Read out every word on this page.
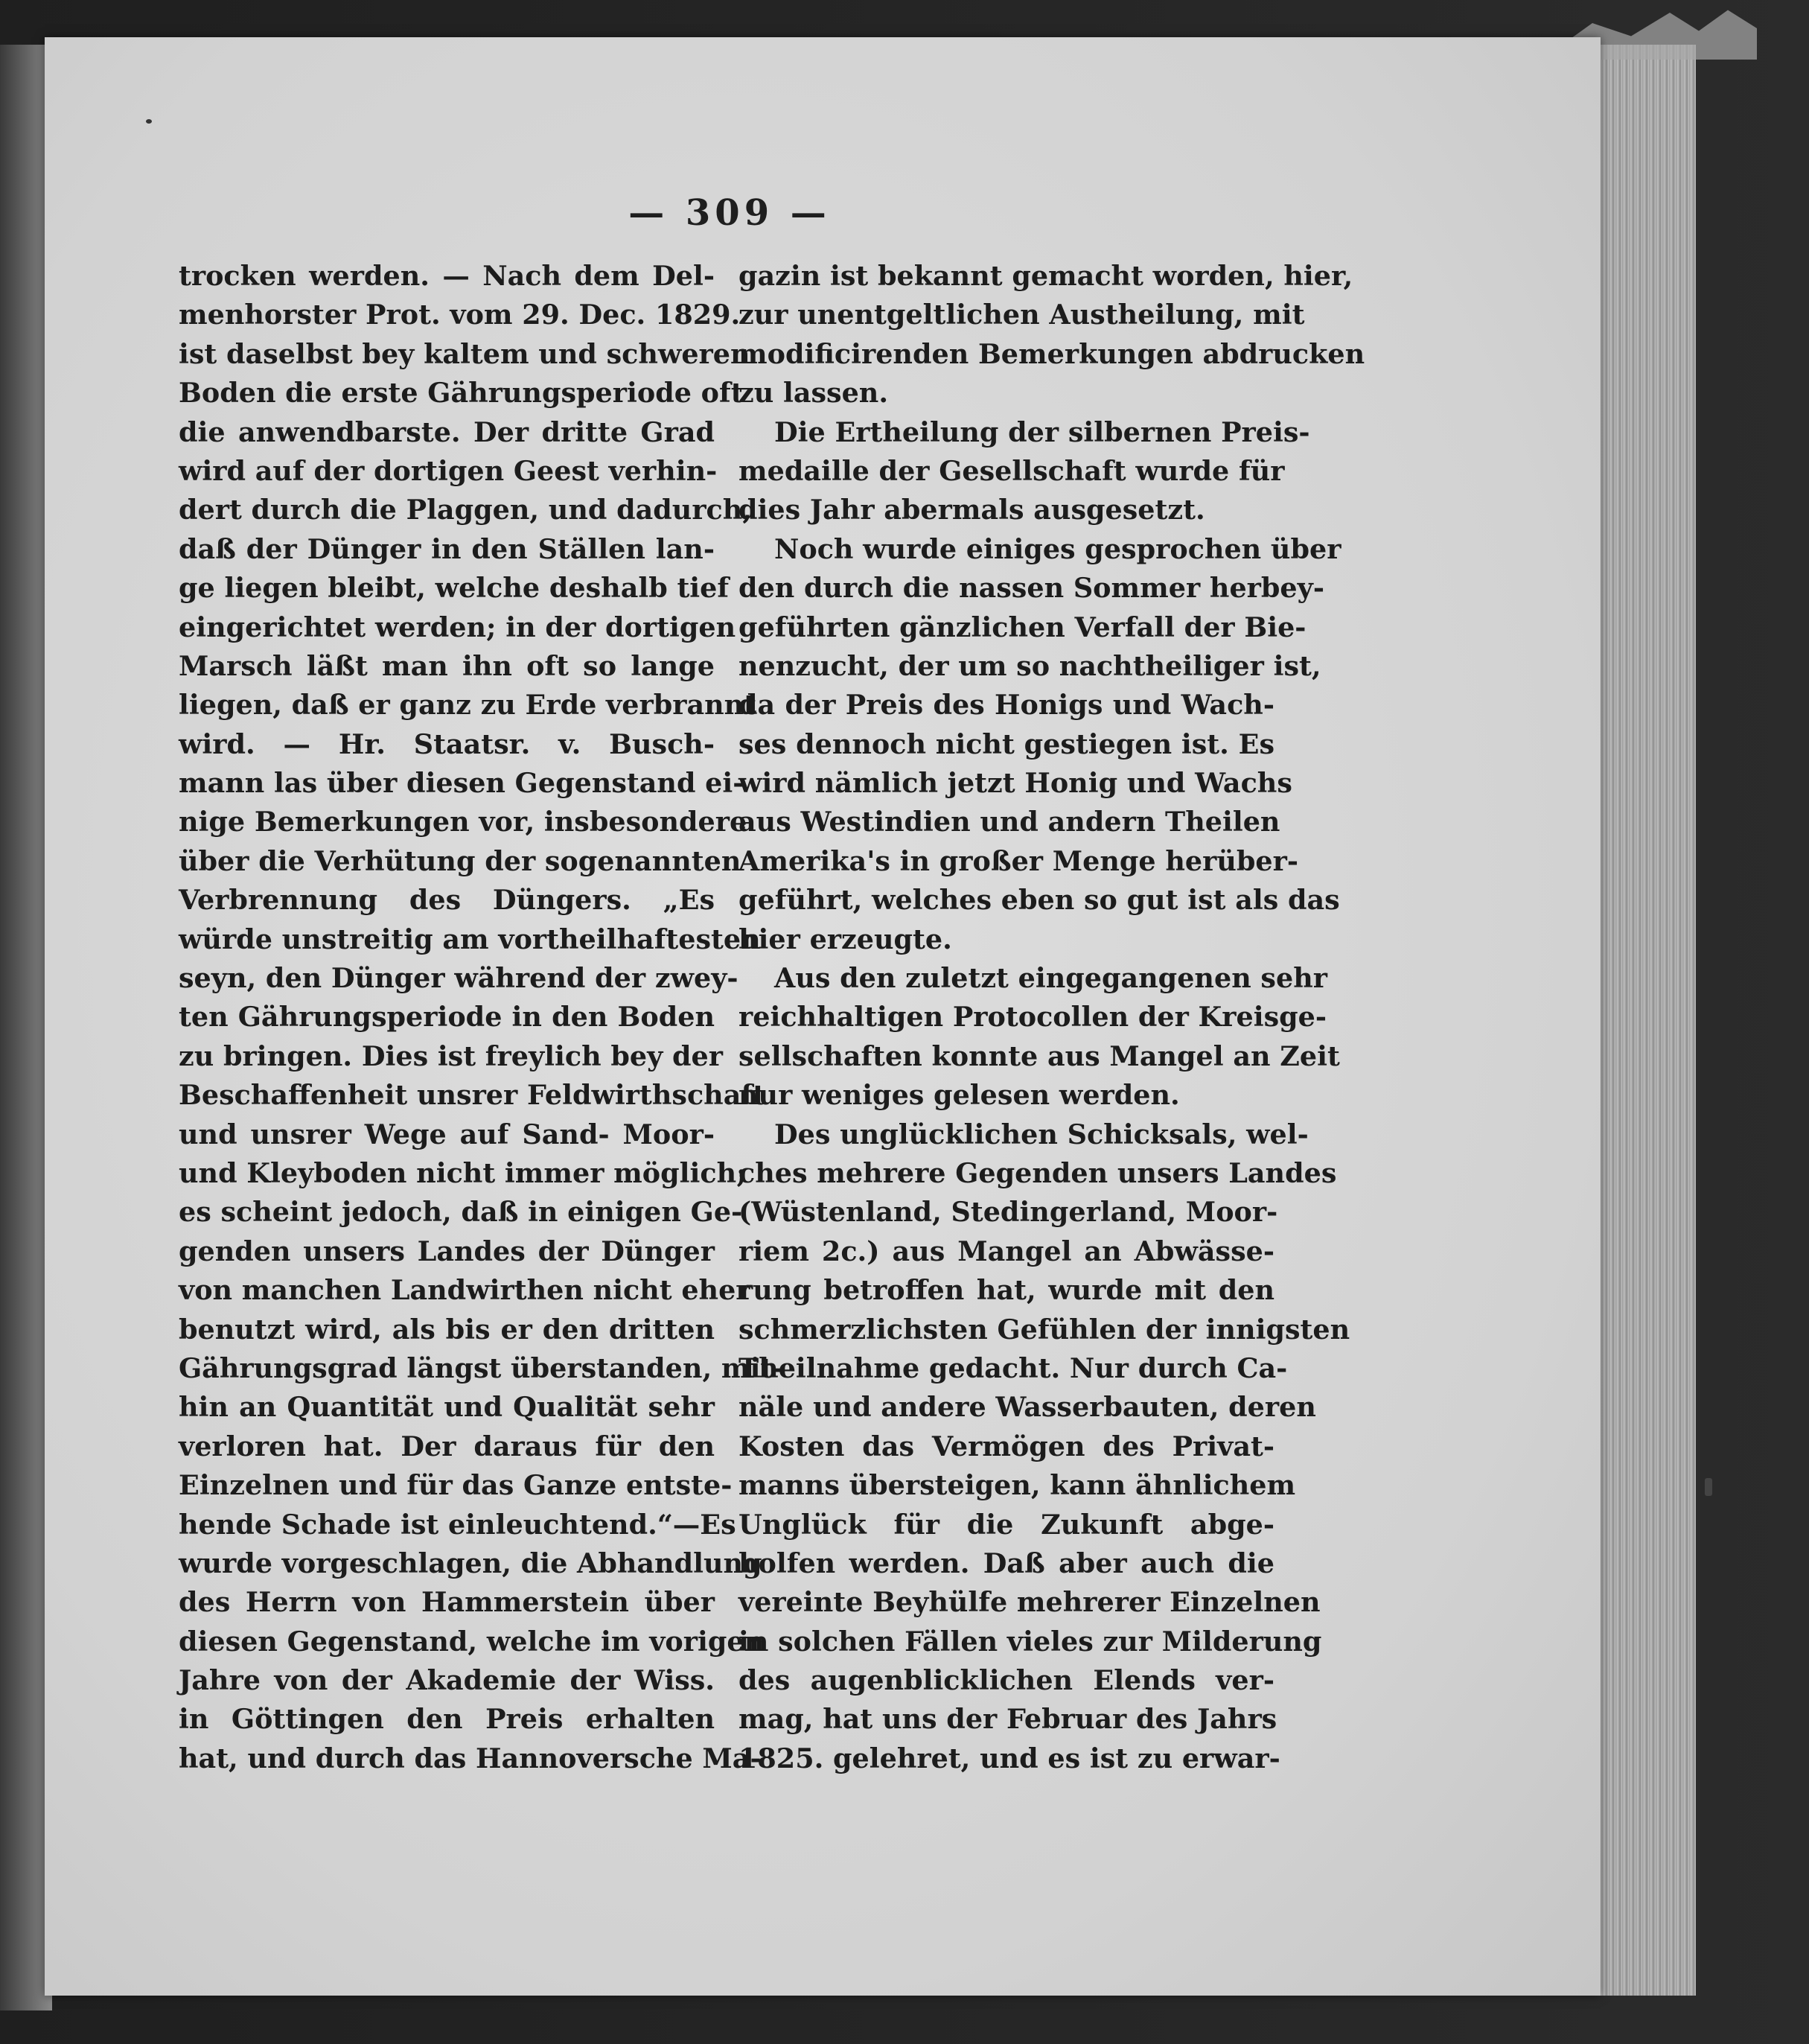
— 309 —
trocken werden. — Nach dem Del-
menhorster Prot. vom 29. Dec. 1829.
ist daselbst bey kaltem und schweren
Boden die erste Gährungsperiode oft
die anwendbarste. Der dritte Grad
wird auf der dortigen Geest verhin-
dert durch die Plaggen, und dadurch,
daß der Dünger in den Ställen lan-
ge liegen bleibt, welche deshalb tief
eingerichtet werden; in der dortigen
Marsch läßt man ihn oft so lange
liegen, daß er ganz zu Erde verbrannt
wird. — Hr. Staatsr. v. Busch-
mann las über diesen Gegenstand ei-
nige Bemerkungen vor, insbesondere
über die Verhütung der sogenannten
Verbrennung des Düngers. „Es
würde unstreitig am vortheilhaftesten
seyn, den Dünger während der zwey-
ten Gährungsperiode in den Boden
zu bringen. Dies ist freylich bey der
Beschaffenheit unsrer Feldwirthschaft
und unsrer Wege auf Sand- Moor-
und Kleyboden nicht immer möglich;
es scheint jedoch, daß in einigen Ge-
genden unsers Landes der Dünger
von manchen Landwirthen nicht eher
benutzt wird, als bis er den dritten
Gährungsgrad längst überstanden, mit-
hin an Quantität und Qualität sehr
verloren hat. Der daraus für den
Einzelnen und für das Ganze entste-
hende Schade ist einleuchtend.“—Es
wurde vorgeschlagen, die Abhandlung
des Herrn von Hammerstein über
diesen Gegenstand, welche im vorigen
Jahre von der Akademie der Wiss.
in Göttingen den Preis erhalten
hat, und durch das Hannoversche Ma-
gazin ist bekannt gemacht worden, hier,
zur unentgeltlichen Austheilung, mit
modificirenden Bemerkungen abdrucken
zu lassen.
Die Ertheilung der silbernen Preis-
medaille der Gesellschaft wurde für
dies Jahr abermals ausgesetzt.
Noch wurde einiges gesprochen über
den durch die nassen Sommer herbey-
geführten gänzlichen Verfall der Bie-
nenzucht, der um so nachtheiliger ist,
da der Preis des Honigs und Wach-
ses dennoch nicht gestiegen ist. Es
wird nämlich jetzt Honig und Wachs
aus Westindien und andern Theilen
Amerika's in großer Menge herüber-
geführt, welches eben so gut ist als das
hier erzeugte.
Aus den zuletzt eingegangenen sehr
reichhaltigen Protocollen der Kreisge-
sellschaften konnte aus Mangel an Zeit
nur weniges gelesen werden.
Des unglücklichen Schicksals, wel-
ches mehrere Gegenden unsers Landes
(Wüstenland, Stedingerland, Moor-
riem 2c.) aus Mangel an Abwässe-
rung betroffen hat, wurde mit den
schmerzlichsten Gefühlen der innigsten
Theilnahme gedacht. Nur durch Ca-
näle und andere Wasserbauten, deren
Kosten das Vermögen des Privat-
manns übersteigen, kann ähnlichem
Unglück für die Zukunft abge-
holfen werden. Daß aber auch die
vereinte Beyhülfe mehrerer Einzelnen
in solchen Fällen vieles zur Milderung
des augenblicklichen Elends ver-
mag, hat uns der Februar des Jahrs
1825. gelehret, und es ist zu erwar-
